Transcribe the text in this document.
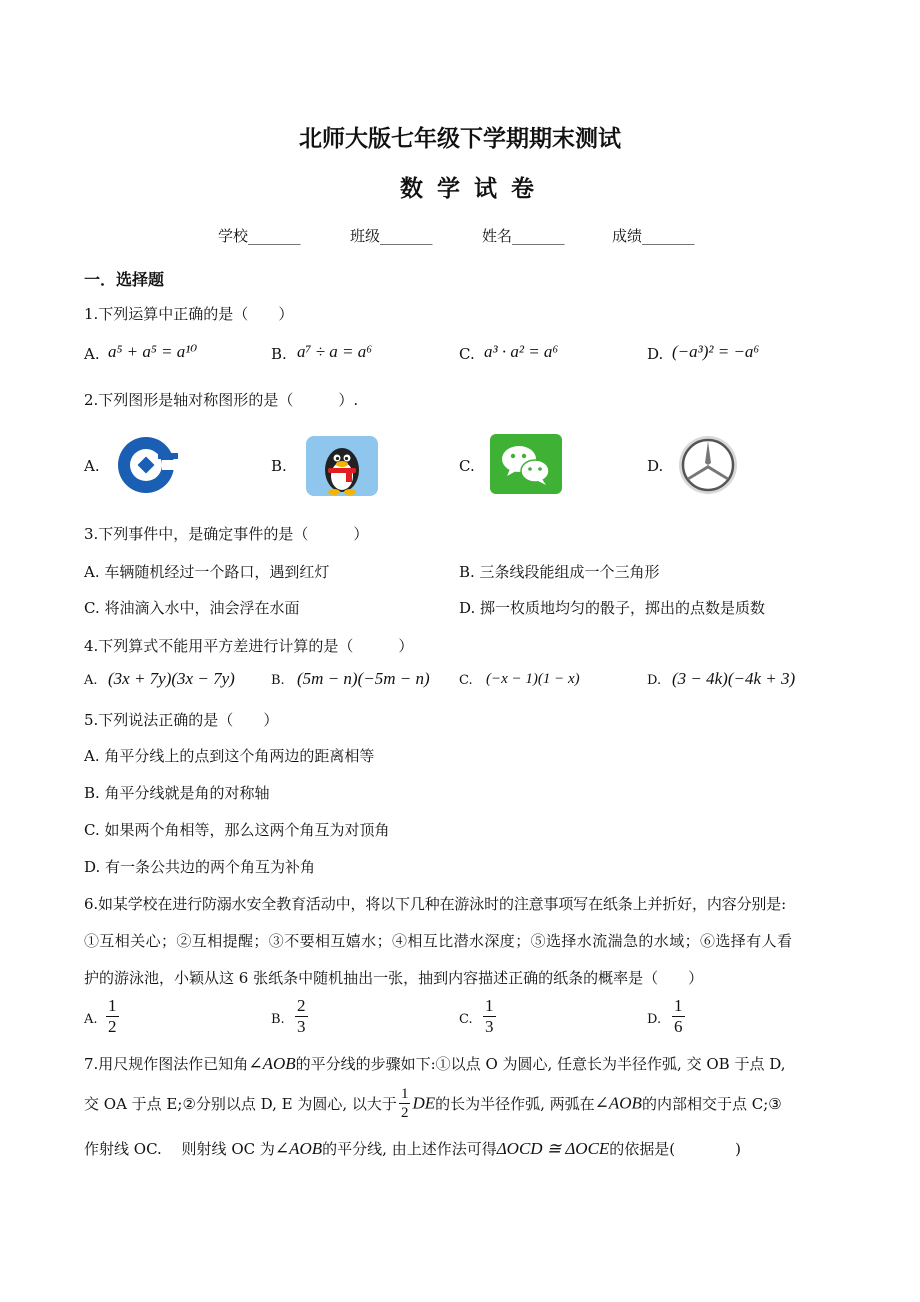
北师大版七年级下学期期末测试
数学试卷
学校_______	班级_______	姓名_______	成绩_______
一．选择题
1.下列运算中正确的是（　　）
A. a⁵ + a⁵ = a¹⁰	B. a⁷ ÷ a = a⁶	C. a³ · a² = a⁶	D. (−a³)² = −a⁶
2.下列图形是轴对称图形的是（　　　）.
A.	B.	C.	D.
3.下列事件中，是确定事件的是（　　　）
A. 车辆随机经过一个路口，遇到红灯	B. 三条线段能组成一个三角形
C. 将油滴入水中，油会浮在水面	D. 掷一枚质地均匀的骰子，掷出的点数是质数
4.下列算式不能用平方差进行计算的是（　　　）
A. (3x + 7y)(3x − 7y)	B. (5m − n)(−5m − n) C. (−x − 1)(1 − x)	D. (3 − 4k)(−4k + 3)
5.下列说法正确的是（　　）
A. 角平分线上的点到这个角两边的距离相等
B. 角平分线就是角的对称轴
C. 如果两个角相等，那么这两个角互为对顶角
D. 有一条公共边的两个角互为补角
6.如某学校在进行防溺水安全教育活动中，将以下几种在游泳时的注意事项写在纸条上并折好，内容分别是:
①互相关心；②互相提醒；③不要相互嬉水；④相互比潜水深度；⑤选择水流湍急的水域；⑥选择有人看
护的游泳池，小颖从这 6 张纸条中随机抽出一张，抽到内容描述正确的纸条的概率是（　　）
A. $\frac{1}{2}$	B. $\frac{2}{3}$	C. $\frac{1}{3}$	D. $\frac{1}{6}$
7.用尺规作图法作已知角∠AOB的平分线的步骤如下:①以点 O 为圆心, 任意长为半径作弧, 交 OB 于点 D,
交 OA 于点 E;②分别以点 D, E 为圆心, 以大于 $\frac{1}{2}$ DE的长为半径作弧, 两弧在∠AOB的内部相交于点 C;③
作射线 OC.　 则射线 OC 为∠AOB的平分线, 由上述作法可得ΔOCD ≅ ΔOCE的依据是(　　　　)
